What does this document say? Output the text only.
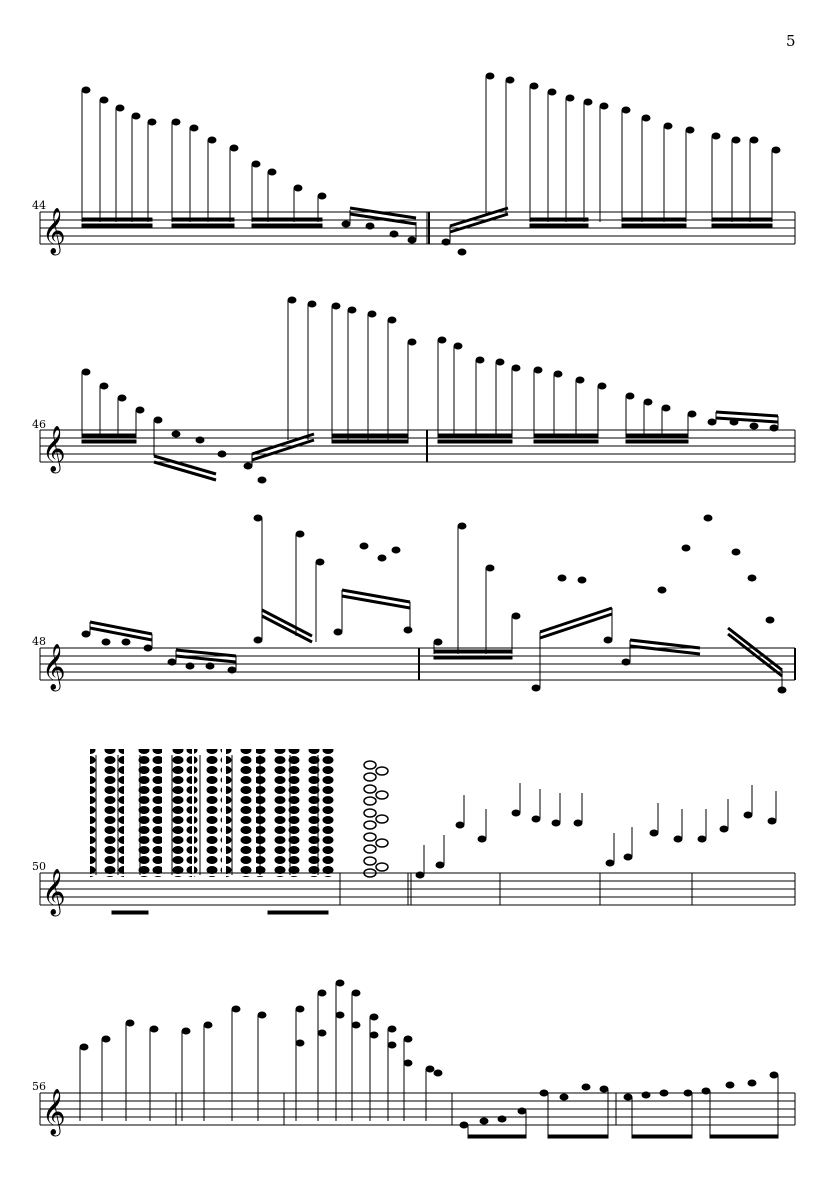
5
44
𝄞
46
𝄞
48
𝄞
50
𝄞
56
𝄞
